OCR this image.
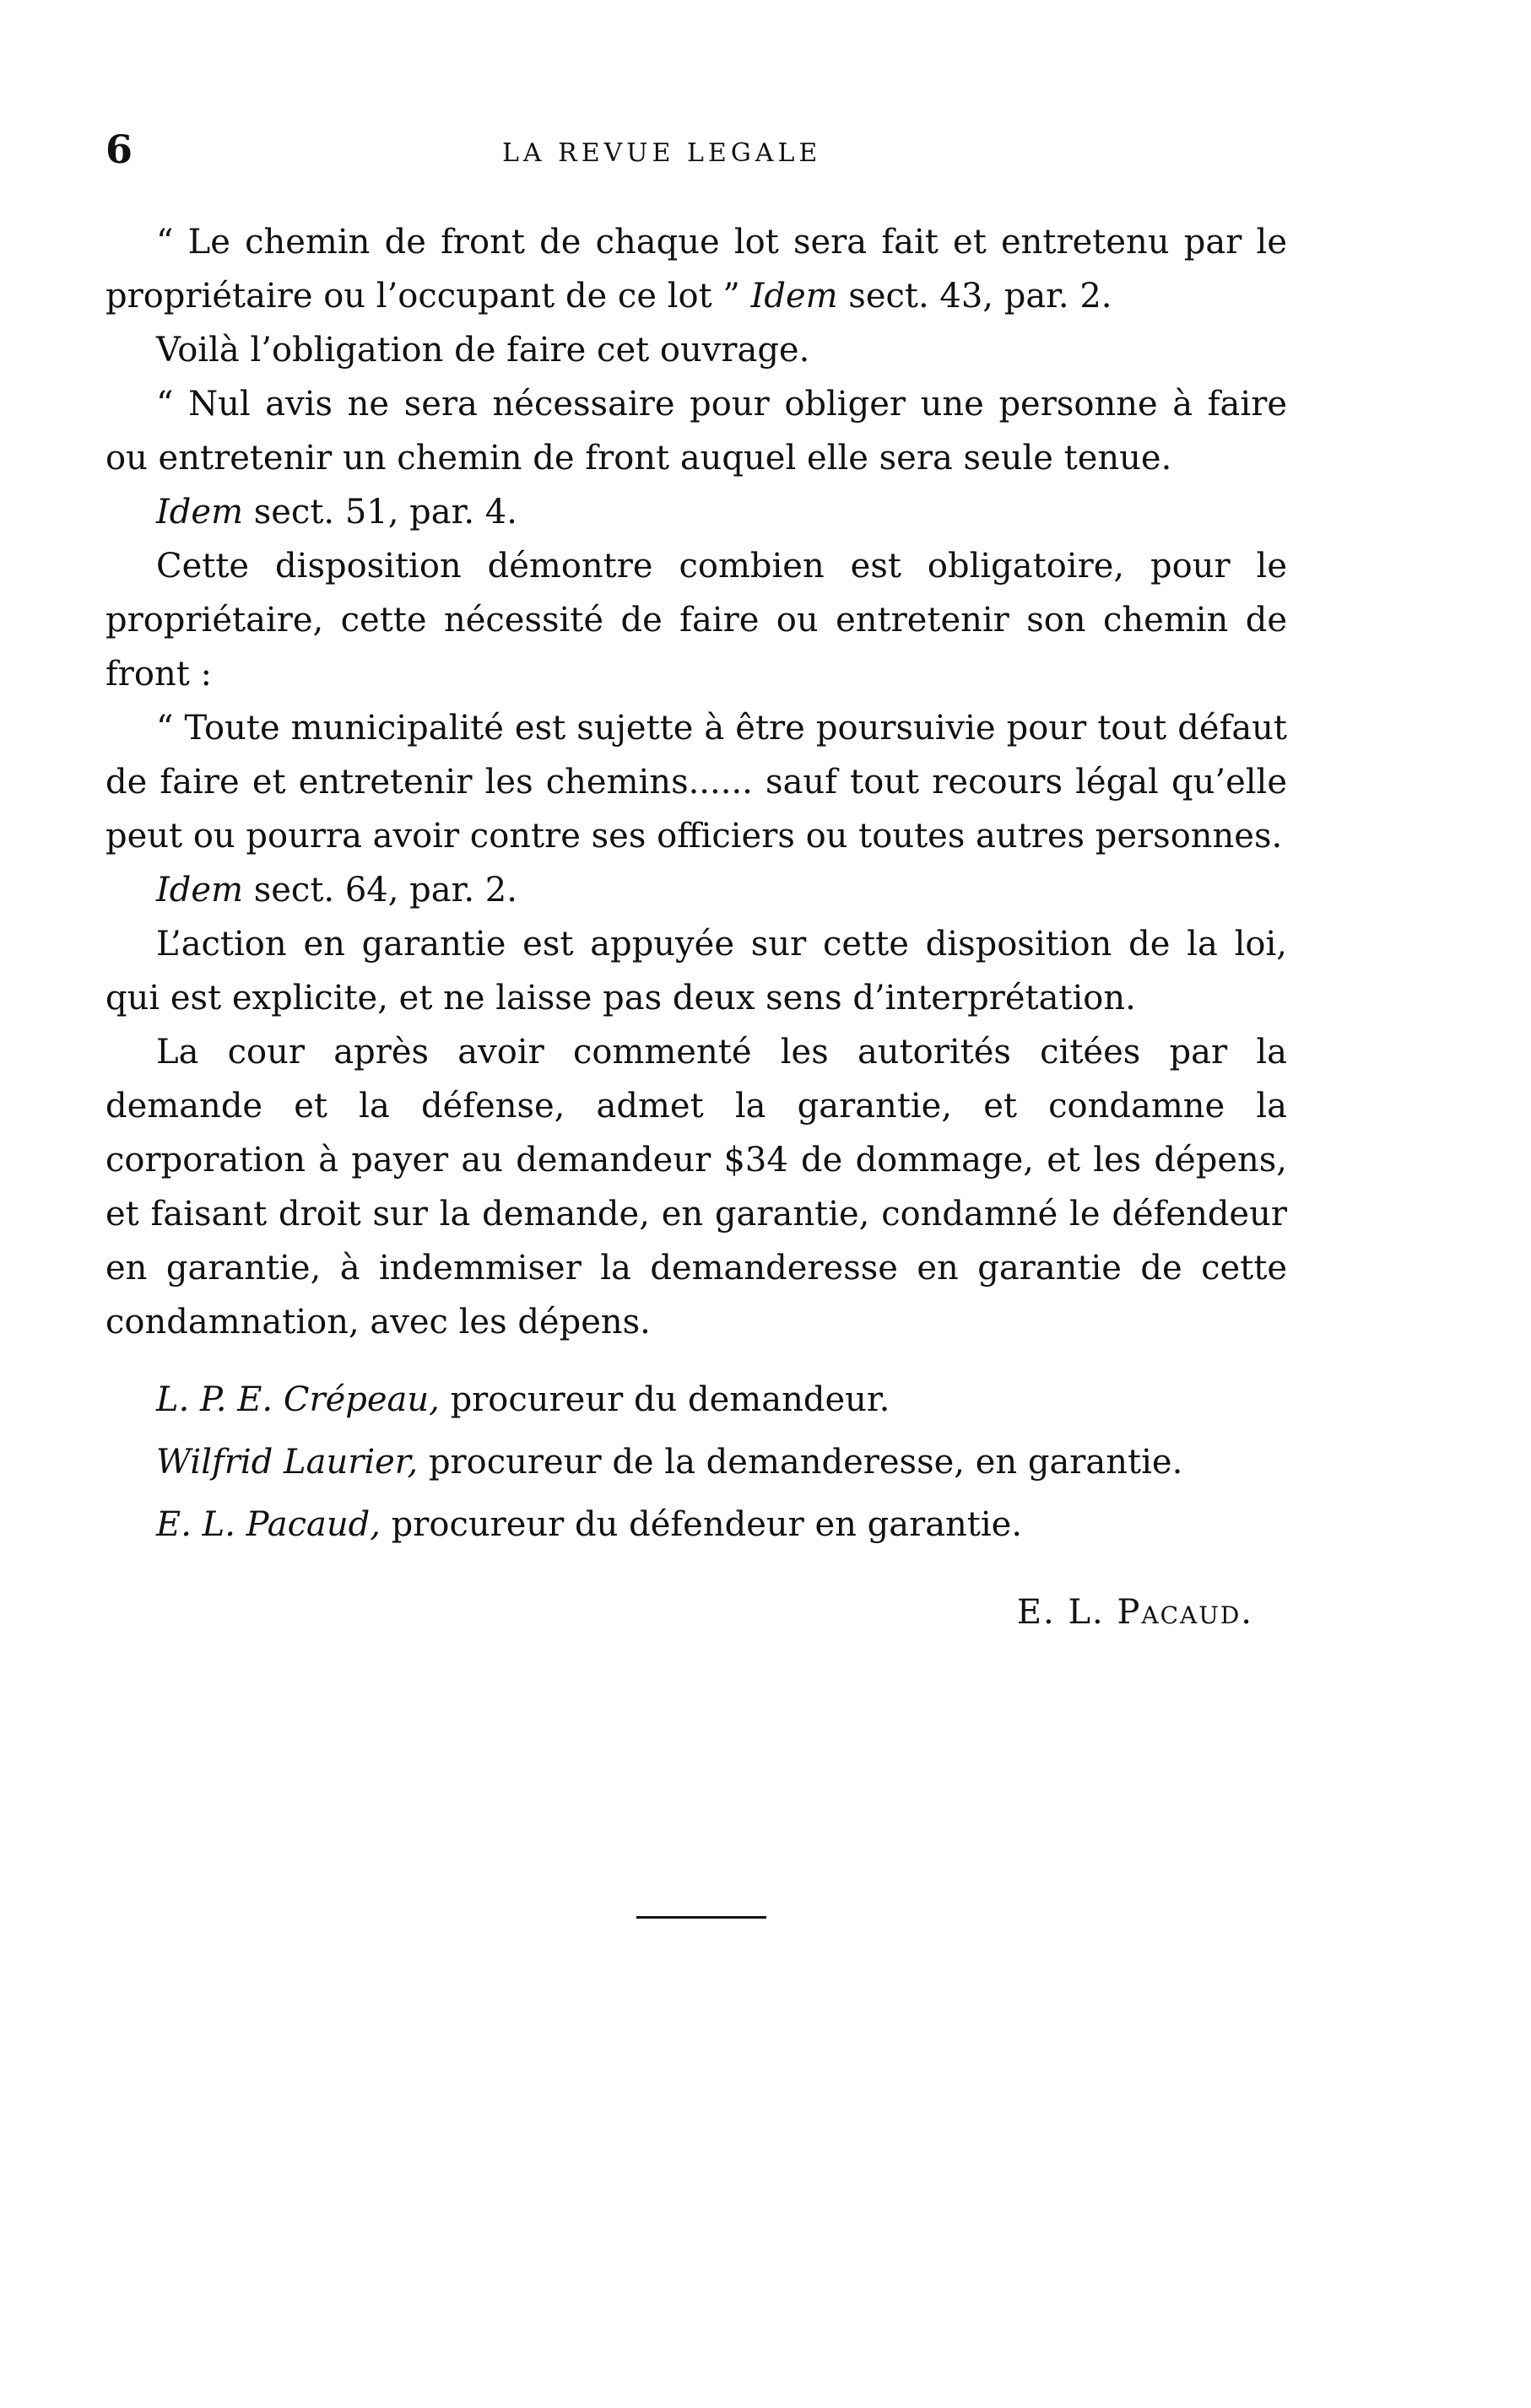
6	LA REVUE LEGALE

“ Le chemin de front de chaque lot sera fait et entretenu par le propriétaire ou l’occupant de ce lot ” Idem sect. 43, par. 2.

Voilà l’obligation de faire cet ouvrage.

“ Nul avis ne sera nécessaire pour obliger une personne à faire ou entretenir un chemin de front auquel elle sera seule tenue.

Idem sect. 51, par. 4.

Cette disposition démontre combien est obligatoire, pour le propriétaire, cette nécessité de faire ou entretenir son chemin de front :

“ Toute municipalité est sujette à être poursuivie pour tout défaut de faire et entretenir les chemins...... sauf tout recours légal qu’elle peut ou pourra avoir contre ses officiers ou toutes autres personnes.

Idem sect. 64, par. 2.

L’action en garantie est appuyée sur cette disposition de la loi, qui est explicite, et ne laisse pas deux sens d’interprétation.

La cour après avoir commenté les autorités citées par la demande et la défense, admet la garantie, et condamne la corporation à payer au demandeur $34 de dommage, et les dépens, et faisant droit sur la demande, en garantie, condamné le défendeur en garantie, à indemmiser la demanderesse en garantie de cette condamnation, avec les dépens.

L. P. E. Crépeau, procureur du demandeur.

Wilfrid Laurier, procureur de la demanderesse, en garantie.

E. L. Pacaud, procureur du défendeur en garantie.

E. L. Pacaud.
